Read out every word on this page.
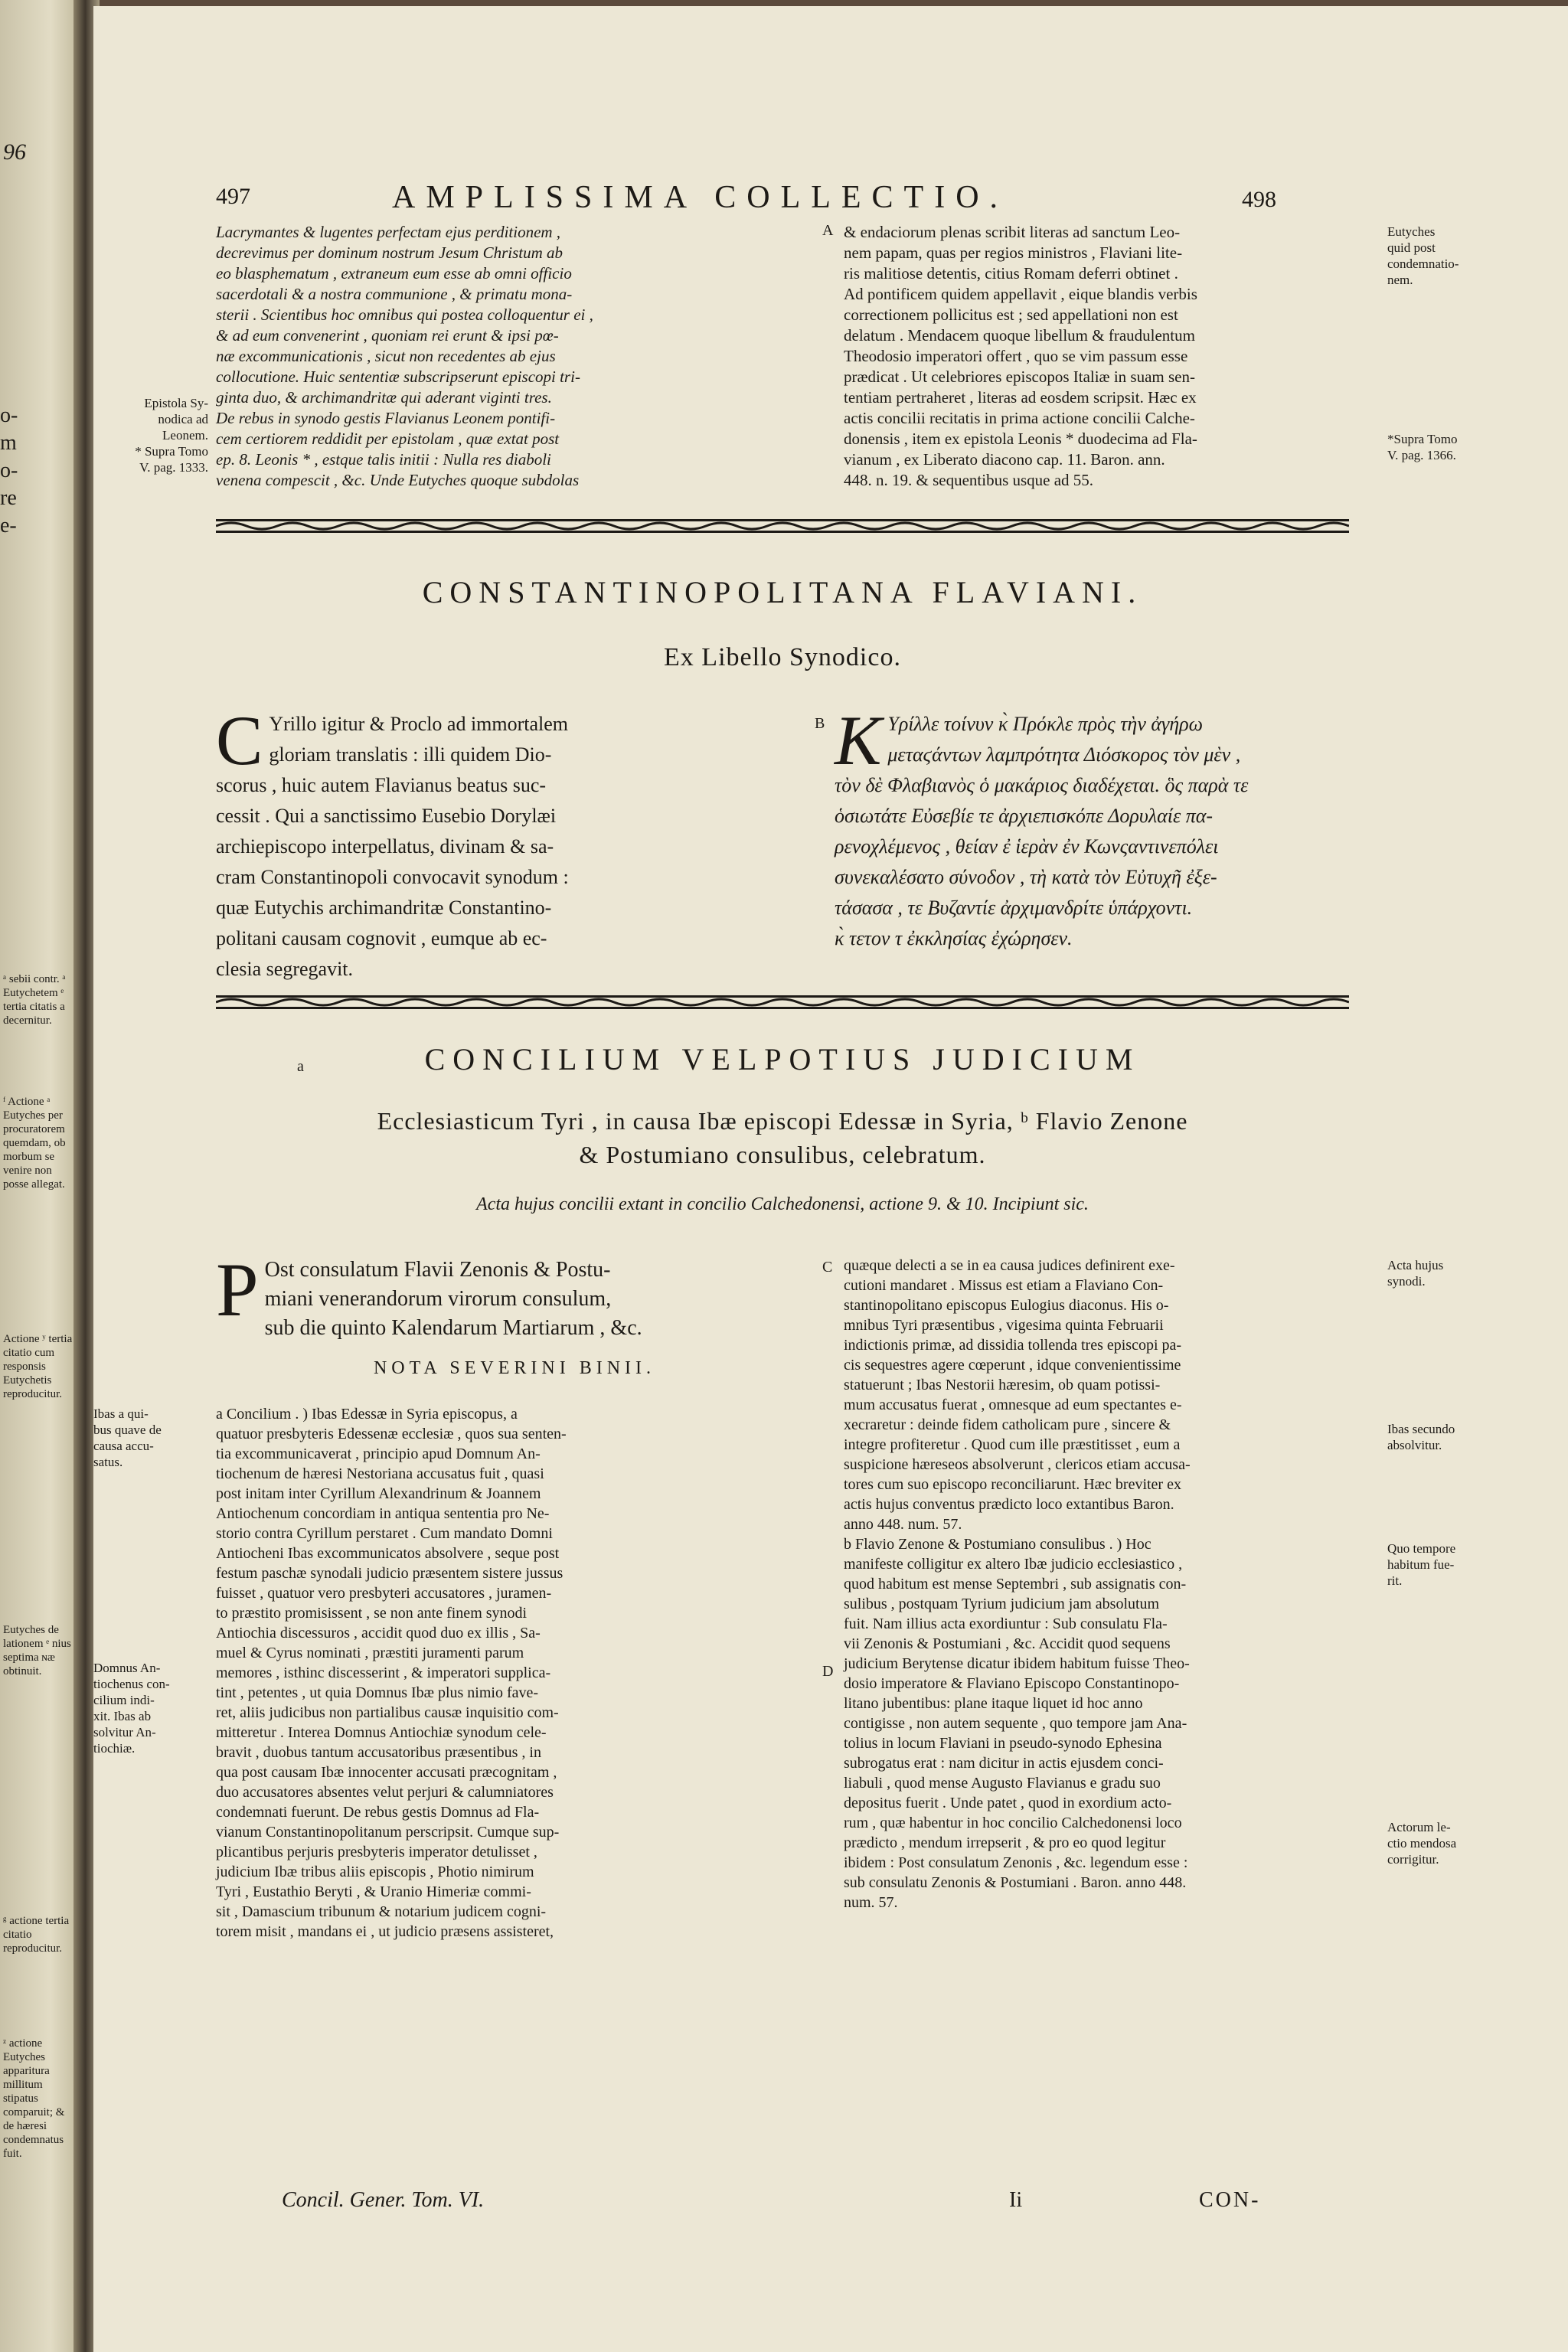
96
o-
m
o-
re
e-
ᵃ sebii contr. ᵃ Eutychetem ᵉ tertia citatis a decernitur.
ᶠ Actione ᵃ Eutyches per procuratorem quemdam, ob morbum se venire non posse allegat.
Actione ʸ tertia citatio cum responsis Eutychetis reproducitur.
Eutyches de lationem ᵉ nius septima ɴæ obtinuit.
ᵍ actione tertia citatio reproducitur.
ᶻ actione Eutyches apparitura millitum stipatus comparuit; & de hæresi condemnatus fuit.
497	AMPLISSIMA COLLECTIO.	498
Lacrymantes & lugentes perfectam ejus perditionem ,
decrevimus per dominum nostrum Jesum Christum ab
eo blasphematum , extraneum eum esse ab omni officio
sacerdotali & a nostra communione , & primatu mona-
sterii . Scientibus hoc omnibus qui postea colloquentur ei ,
& ad eum convenerint , quoniam rei erunt & ipsi pœ-
næ excommunicationis , sicut non recedentes ab ejus
collocutione. Huic sententiæ subscripserunt episcopi tri-
ginta duo, & archimandritæ qui aderant viginti tres.
De rebus in synodo gestis Flavianus Leonem pontifi-
cem certiorem reddidit per epistolam , quæ extat post
ep. 8. Leonis * , estque talis initii : Nulla res diaboli
venena compescit , &c. Unde Eutyches quoque subdolas
A & endaciorum plenas scribit literas ad sanctum Leo-
nem papam, quas per regios ministros , Flaviani lite-
ris malitiose detentis, citius Romam deferri obtinet .
Ad pontificem quidem appellavit , eique blandis verbis
correctionem pollicitus est ; sed appellationi non est
delatum . Mendacem quoque libellum & fraudulentum
Theodosio imperatori offert , quo se vim passum esse
prædicat . Ut celebriores episcopos Italiæ in suam sen-
tentiam pertraheret , literas ad eosdem scripsit. Hæc ex
actis concilii recitatis in prima actione concilii Calche-
donensis , item ex epistola Leonis * duodecima ad Fla-
vianum , ex Liberato diacono cap. 11. Baron. ann.
448. n. 19. & sequentibus usque ad 55.
Epistola Sy-
nodica ad
Leonem.
* Supra Tomo
V. pag. 1333.
Eutyches
quid post
condemnatio-
nem.
*Supra Tomo
V. pag. 1366.
CONSTANTINOPOLITANA FLAVIANI.
Ex Libello Synodico.
C Yrillo igitur & Proclo ad immortalem
gloriam translatis : illi quidem Dio-
scorus , huic autem Flavianus beatus suc-
cessit . Qui a sanctissimo Eusebio Dorylæi
archiepiscopo interpellatus, divinam & sa-
cram Constantinopoli convocavit synodum :
quæ Eutychis archimandritæ Constantino-
politani causam cognovit , eumque ab ec-
clesia segregavit.
B K Υρίλλε τοίνυν κ̀ Πρόκλε πρὸς τὴν ἀγήρω
μεταϛάντων λαμπρότητα Διόσκορος τὸν μὲν ,
τὸν δὲ Φλαβιανὸς ὁ μακάριος διαδέχεται. ὃς παρὰ τε
ὁσιωτάτε Εὐσεβίε τε ἀρχιεπισκόπε Δορυλαίε πα-
ρενοχλέμενος , θείαν ἐ ἱερὰν ἐν Κωνςαντινεπόλει
συνεκαλέσατο σύνοδον , τὴ κατὰ τὸν Εὐτυχῆ ἐξε-
τάσασα , τε Βυζαντίε ἀρχιμανδρίτε ὑπάρχοντι.
κ̀ τετον τ ἐκκλησίας ἐχώρησεν.
a	CONCILIUM VELPOTIUS JUDICIUM
Ecclesiasticum Tyri , in causa Ibæ episcopi Edessæ in Syria, ᵇ Flavio Zenone
& Postumiano consulibus, celebratum.
Acta hujus concilii extant in concilio Calchedonensi, actione 9. & 10. Incipiunt sic.
P Ost consulatum Flavii Zenonis & Postu-
miani venerandorum virorum consulum,
sub die quinto Kalendarum Martiarum , &c.
NOTA SEVERINI BINII.
a Concilium . ) Ibas Edessæ in Syria episcopus, a
quatuor presbyteris Edessenæ ecclesiæ , quos sua senten-
tia excommunicaverat , principio apud Domnum An-
tiochenum de hæresi Nestoriana accusatus fuit , quasi
post initam inter Cyrillum Alexandrinum & Joannem
Antiochenum concordiam in antiqua sententia pro Ne-
storio contra Cyrillum perstaret . Cum mandato Domni
Antiocheni Ibas excommunicatos absolvere , seque post
festum paschæ synodali judicio præsentem sistere jussus
fuisset , quatuor vero presbyteri accusatores , juramen-
to præstito promisissent , se non ante finem synodi
Antiochia discessuros , accidit quod duo ex illis , Sa-
muel & Cyrus nominati , præstiti juramenti parum
memores , isthinc discesserint , & imperatori supplica-
tint , petentes , ut quia Domnus Ibæ plus nimio fave-
ret, aliis judicibus non partialibus causæ inquisitio com-
mitteretur . Interea Domnus Antiochiæ synodum cele-
bravit , duobus tantum accusatoribus præsentibus , in
qua post causam Ibæ innocenter accusati præcognitam ,
duo accusatores absentes velut perjuri & calumniatores
condemnati fuerunt. De rebus gestis Domnus ad Fla-
vianum Constantinopolitanum perscripsit. Cumque sup-
plicantibus perjuris presbyteris imperator detulisset ,
judicium Ibæ tribus aliis episcopis , Photio nimirum
Tyri , Eustathio Beryti , & Uranio Himeriæ commi-
sit , Damascium tribunum & notarium judicem cogni-
torem misit , mandans ei , ut judicio præsens assisteret,
C
D
quæque delecti a se in ea causa judices definirent exe-
cutioni mandaret . Missus est etiam a Flaviano Con-
stantinopolitano episcopus Eulogius diaconus. His o-
mnibus Tyri præsentibus , vigesima quinta Februarii
indictionis primæ, ad dissidia tollenda tres episcopi pa-
cis sequestres agere cœperunt , idque convenientissime
statuerunt ; Ibas Nestorii hæresim, ob quam potissi-
mum accusatus fuerat , omnesque ad eum spectantes e-
xecraretur : deinde fidem catholicam pure , sincere &
integre profiteretur . Quod cum ille præstitisset , eum a
suspicione hæreseos absolverunt , clericos etiam accusa-
tores cum suo episcopo reconciliarunt. Hæc breviter ex
actis hujus conventus prædicto loco extantibus Baron.
anno 448. num. 57.
b Flavio Zenone & Postumiano consulibus . ) Hoc
manifeste colligitur ex altero Ibæ judicio ecclesiastico ,
quod habitum est mense Septembri , sub assignatis con-
sulibus , postquam Tyrium judicium jam absolutum
fuit. Nam illius acta exordiuntur : Sub consulatu Fla-
vii Zenonis & Postumiani , &c. Accidit quod sequens
judicium Berytense dicatur ibidem habitum fuisse Theo-
dosio imperatore & Flaviano Episcopo Constantinopo-
litano jubentibus: plane itaque liquet id hoc anno
contigisse , non autem sequente , quo tempore jam Ana-
tolius in locum Flaviani in pseudo-synodo Ephesina
subrogatus erat : nam dicitur in actis ejusdem conci-
liabuli , quod mense Augusto Flavianus e gradu suo
depositus fuerit . Unde patet , quod in exordium acto-
rum , quæ habentur in hoc concilio Calchedonensi loco
prædicto , mendum irrepserit , & pro eo quod legitur
ibidem : Post consulatum Zenonis , &c. legendum esse :
sub consulatu Zenonis & Postumiani . Baron. anno 448.
num. 57.
Ibas a qui-
bus quave de
causa accu-
satus.
Domnus An-
tiochenus con-
cilium indi-
xit. Ibas ab
solvitur An-
tiochiæ.
Acta hujus
synodi.
Ibas secundo
absolvitur.
Quo tempore
habitum fue-
rit.
Actorum le-
ctio mendosa
corrigitur.
Concil. Gener. Tom. VI.	Ii	CON-
